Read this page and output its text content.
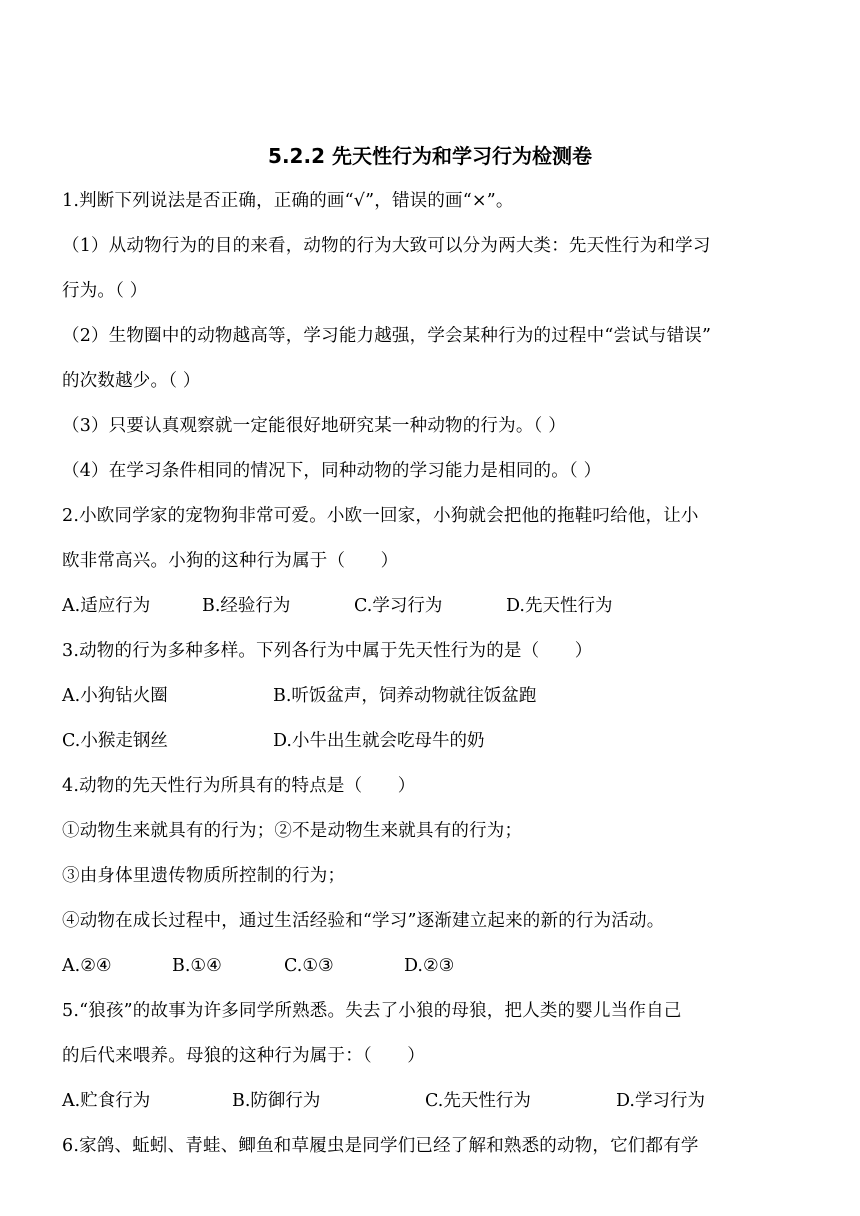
5.2.2 先天性行为和学习行为检测卷
1.判断下列说法是否正确，正确的画“√”，错误的画“×”。
（1）从动物行为的目的来看，动物的行为大致可以分为两大类：先天性行为和学习
行为。（ ）
（2）生物圈中的动物越高等，学习能力越强，学会某种行为的过程中“尝试与错误”
的次数越少。（ ）
（3）只要认真观察就一定能很好地研究某一种动物的行为。（ ）
（4）在学习条件相同的情况下，同种动物的学习能力是相同的。（ ）
2.小欧同学家的宠物狗非常可爱。小欧一回家，小狗就会把他的拖鞋叼给他，让小
欧非常高兴。小狗的这种行为属于（　　）
A.适应行为	B.经验行为	C.学习行为	D.先天性行为
3.动物的行为多种多样。下列各行为中属于先天性行为的是（　　）
A.小狗钻火圈	B.听饭盆声，饲养动物就往饭盆跑
C.小猴走钢丝	D.小牛出生就会吃母牛的奶
4.动物的先天性行为所具有的特点是（　　）
①动物生来就具有的行为；②不是动物生来就具有的行为；
③由身体里遗传物质所控制的行为；
④动物在成长过程中，通过生活经验和“学习”逐渐建立起来的新的行为活动。
A.②④	B.①④	C.①③	D.②③
5.“狼孩”的故事为许多同学所熟悉。失去了小狼的母狼，把人类的婴儿当作自己
的后代来喂养。母狼的这种行为属于：（　　）
A.贮食行为	B.防御行为	C.先天性行为	D.学习行为
6.家鸽、蚯蚓、青蛙、鲫鱼和草履虫是同学们已经了解和熟悉的动物，它们都有学
